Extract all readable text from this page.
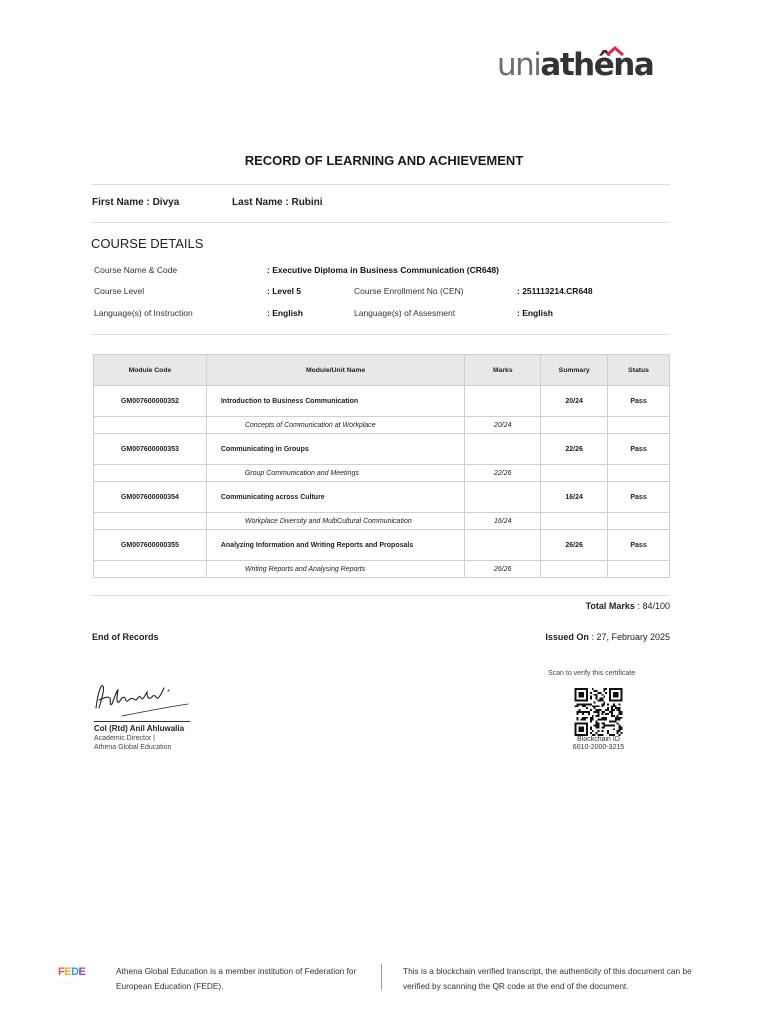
uniathêna
RECORD OF LEARNING AND ACHIEVEMENT
First Name : Divya	Last Name : Rubini
COURSE DETAILS
Course Name & Code	: Executive Diploma in Business Communication (CR648)
Course Level	: Level 5	Course Enrollment No (CEN)	: 251113214.CR648
Language(s) of Instruction	: English	Language(s) of Assesment	: English
Module Code	Module/Unit Name	Marks	Summary	Status
GM007600000352	Introduction to Business Communication		20/24	Pass
	Concepts of Communication at Workplace	20/24		
GM007600000353	Communicating in Groups		22/26	Pass
	Group Communication and Meetings	22/26		
GM007600000354	Communicating across Culture		16/24	Pass
	Workplace Diversity and MultiCultural Communication	16/24		
GM007600000355	Analyzing Information and Writing Reports and Proposals		26/26	Pass
	Writing Reports and Analysing Reports	26/26		
Total Marks : 84/100
End of Records	Issued On : 27, February 2025
Col (Rtd) Anil Ahluwalia
Academic Director |
Athena Global Education
Scan to verify this certificate
Blockchain ID
6010-2000-3215
FEDE
— — —
Athena Global Education is a member institution of Federation for European Education (FEDE).
This is a blockchain verified transcript, the authenticity of this document can be verified by scanning the QR code at the end of the document.
